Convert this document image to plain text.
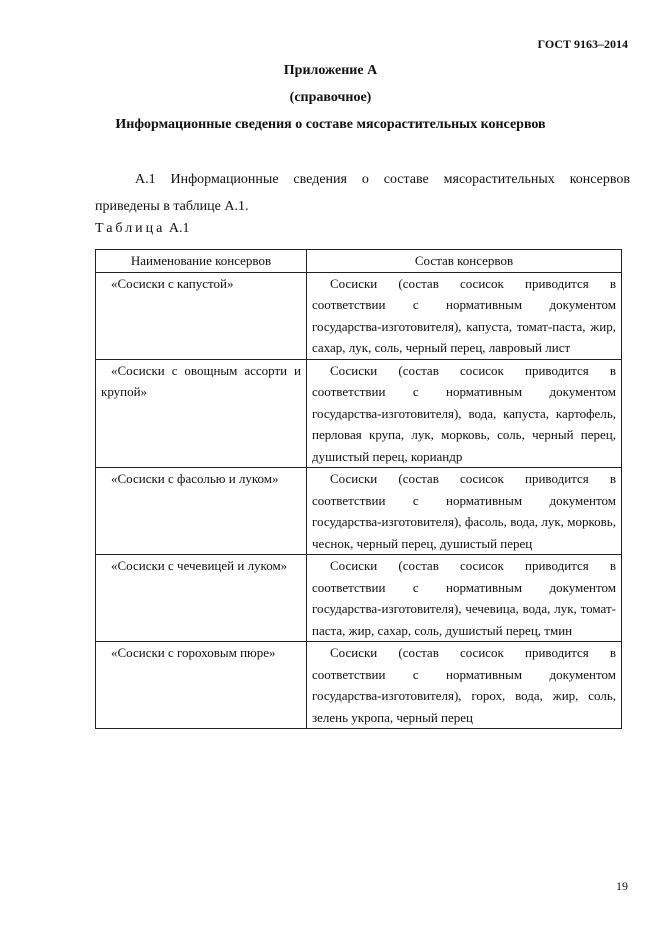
ГОСТ 9163–2014
Приложение А
(справочное)
Информационные сведения о составе мясорастительных консервов
А.1 Информационные сведения о составе мясорастительных консервов
приведены в таблице А.1.
Таблица А.1
Наименование консервов	Состав консервов

«Сосиски с капустой»	Сосиски (состав сосисок приводится в соответствии с нормативным документом государства-изготовителя), капуста, томат-паста, жир, сахар, лук, соль, черный перец, лавровый лист

«Сосиски с овощным ассорти и крупой»	Сосиски (состав сосисок приводится в соответствии с нормативным документом государства-изготовителя), вода, капуста, картофель, перловая крупа, лук, морковь, соль, черный перец, душистый перец, кориандр

«Сосиски с фасолью и луком»	Сосиски (состав сосисок приводится в соответствии с нормативным документом государства-изготовителя), фасоль, вода, лук, морковь, чеснок, черный перец, душистый перец

«Сосиски с чечевицей и луком»	Сосиски (состав сосисок приводится в соответствии с нормативным документом государства-изготовителя), чечевица, вода, лук, томат-паста, жир, сахар, соль, душистый перец, тмин

«Сосиски с гороховым пюре»	Сосиски (состав сосисок приводится в соответствии с нормативным документом государства-изготовителя), горох, вода, жир, соль, зелень укропа, черный перец
19
